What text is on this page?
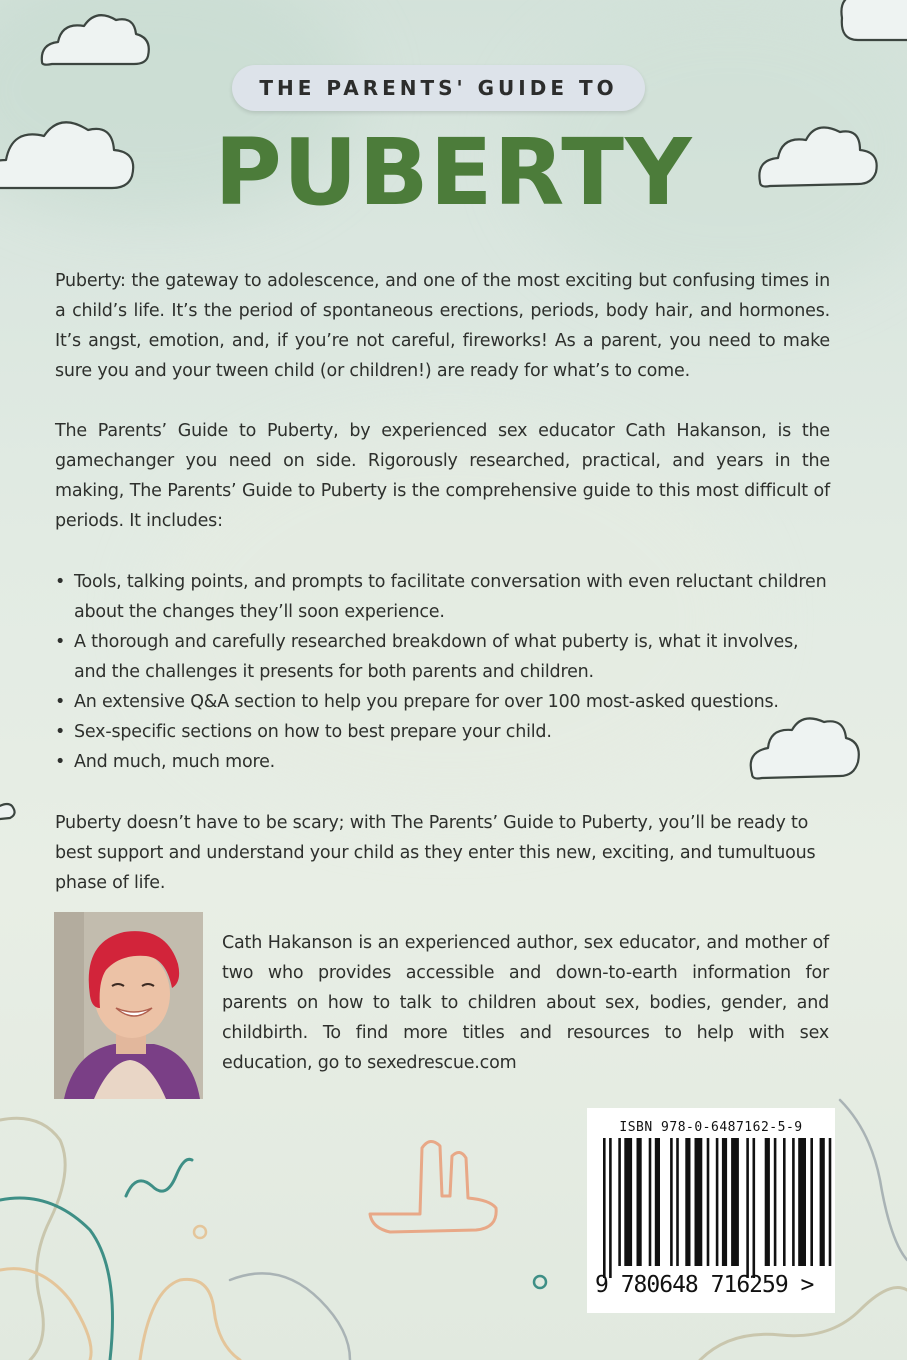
THE PARENTS' GUIDE TO
PUBERTY

Puberty: the gateway to adolescence, and one of the most exciting but confusing times in a child’s life. It’s the period of spontaneous erections, periods, body hair, and hormones. It’s angst, emotion, and, if you’re not careful, fireworks! As a parent, you need to make sure you and your tween child (or children!) are ready for what’s to come.

The Parents’ Guide to Puberty, by experienced sex educator Cath Hakanson, is the gamechanger you need on side. Rigorously researched, practical, and years in the making, The Parents’ Guide to Puberty is the comprehensive guide to this most difficult of periods. It includes:

• Tools, talking points, and prompts to facilitate conversation with even reluctant children about the changes they’ll soon experience.
• A thorough and carefully researched breakdown of what puberty is, what it involves, and the challenges it presents for both parents and children.
• An extensive Q&A section to help you prepare for over 100 most-asked questions.
• Sex-specific sections on how to best prepare your child.
• And much, much more.

Puberty doesn’t have to be scary; with The Parents’ Guide to Puberty, you’ll be ready to best support and understand your child as they enter this new, exciting, and tumultuous phase of life.

Cath Hakanson is an experienced author, sex educator, and mother of two who provides accessible and down-to-earth information for parents on how to talk to children about sex, bodies, gender, and childbirth. To find more titles and resources to help with sex education, go to sexedrescue.com

ISBN 978-0-6487162-5-9
9 780648 716259 >
